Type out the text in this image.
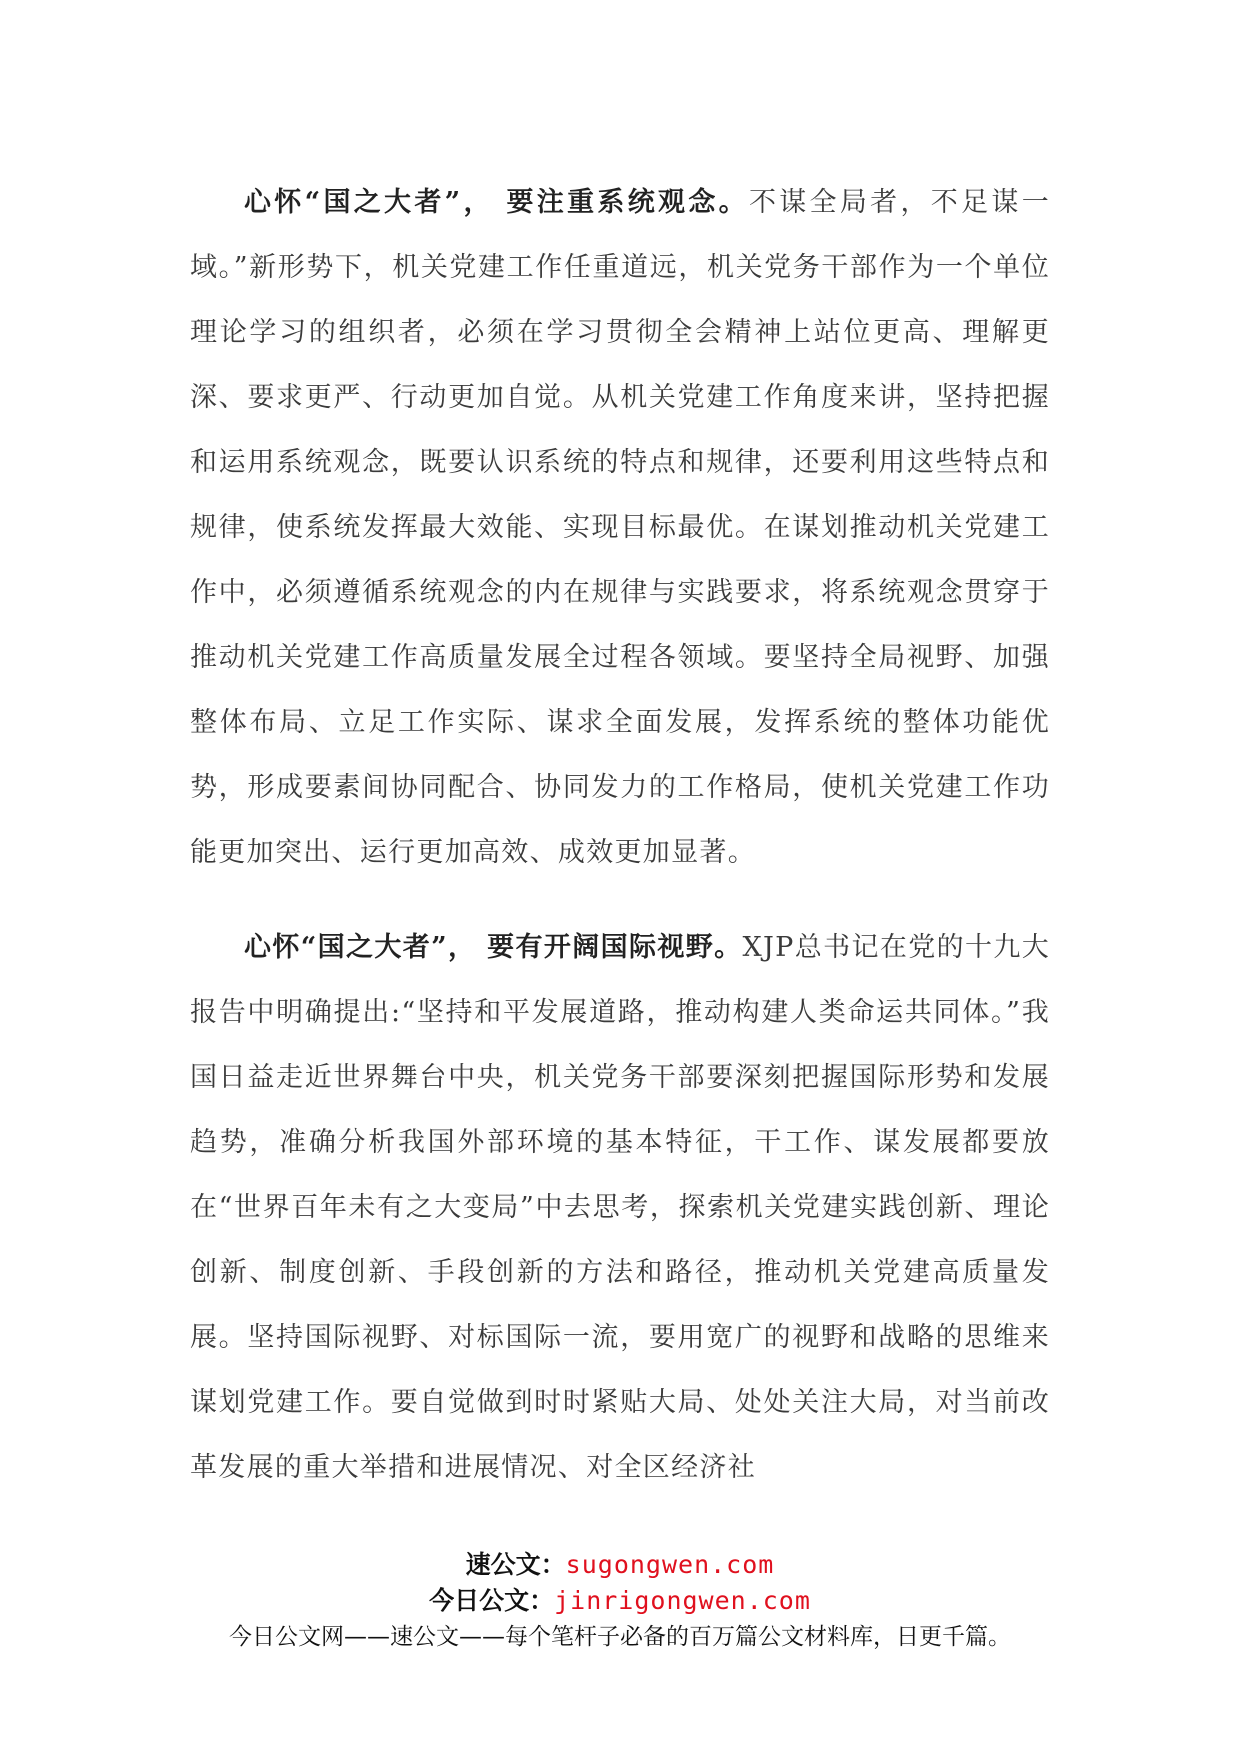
心怀“国之大者”， 要注重系统观念。不谋全局者，不足谋一域。”新形势下，机关党建工作任重道远，机关党务干部作为一个单位理论学习的组织者，必须在学习贯彻全会精神上站位更高、理解更深、要求更严、行动更加自觉。从机关党建工作角度来讲，坚持把握和运用系统观念，既要认识系统的特点和规律，还要利用这些特点和规律，使系统发挥最大效能、实现目标最优。在谋划推动机关党建工作中，必须遵循系统观念的内在规律与实践要求，将系统观念贯穿于推动机关党建工作高质量发展全过程各领域。要坚持全局视野、加强整体布局、立足工作实际、谋求全面发展，发挥系统的整体功能优势，形成要素间协同配合、协同发力的工作格局，使机关党建工作功能更加突出、运行更加高效、成效更加显著。

心怀“国之大者”， 要有开阔国际视野。XJP总书记在党的十九大报告中明确提出:“坚持和平发展道路，推动构建人类命运共同体。”我国日益走近世界舞台中央，机关党务干部要深刻把握国际形势和发展趋势，准确分析我国外部环境的基本特征，干工作、谋发展都要放在“世界百年未有之大变局”中去思考，探索机关党建实践创新、理论创新、制度创新、手段创新的方法和路径，推动机关党建高质量发展。坚持国际视野、对标国际一流，要用宽广的视野和战略的思维来谋划党建工作。要自觉做到时时紧贴大局、处处关注大局，对当前改革发展的重大举措和进展情况、对全区经济社

速公文：sugongwen.com
今日公文：jinrigongwen.com
今日公文网——速公文——每个笔杆子必备的百万篇公文材料库，日更千篇。
